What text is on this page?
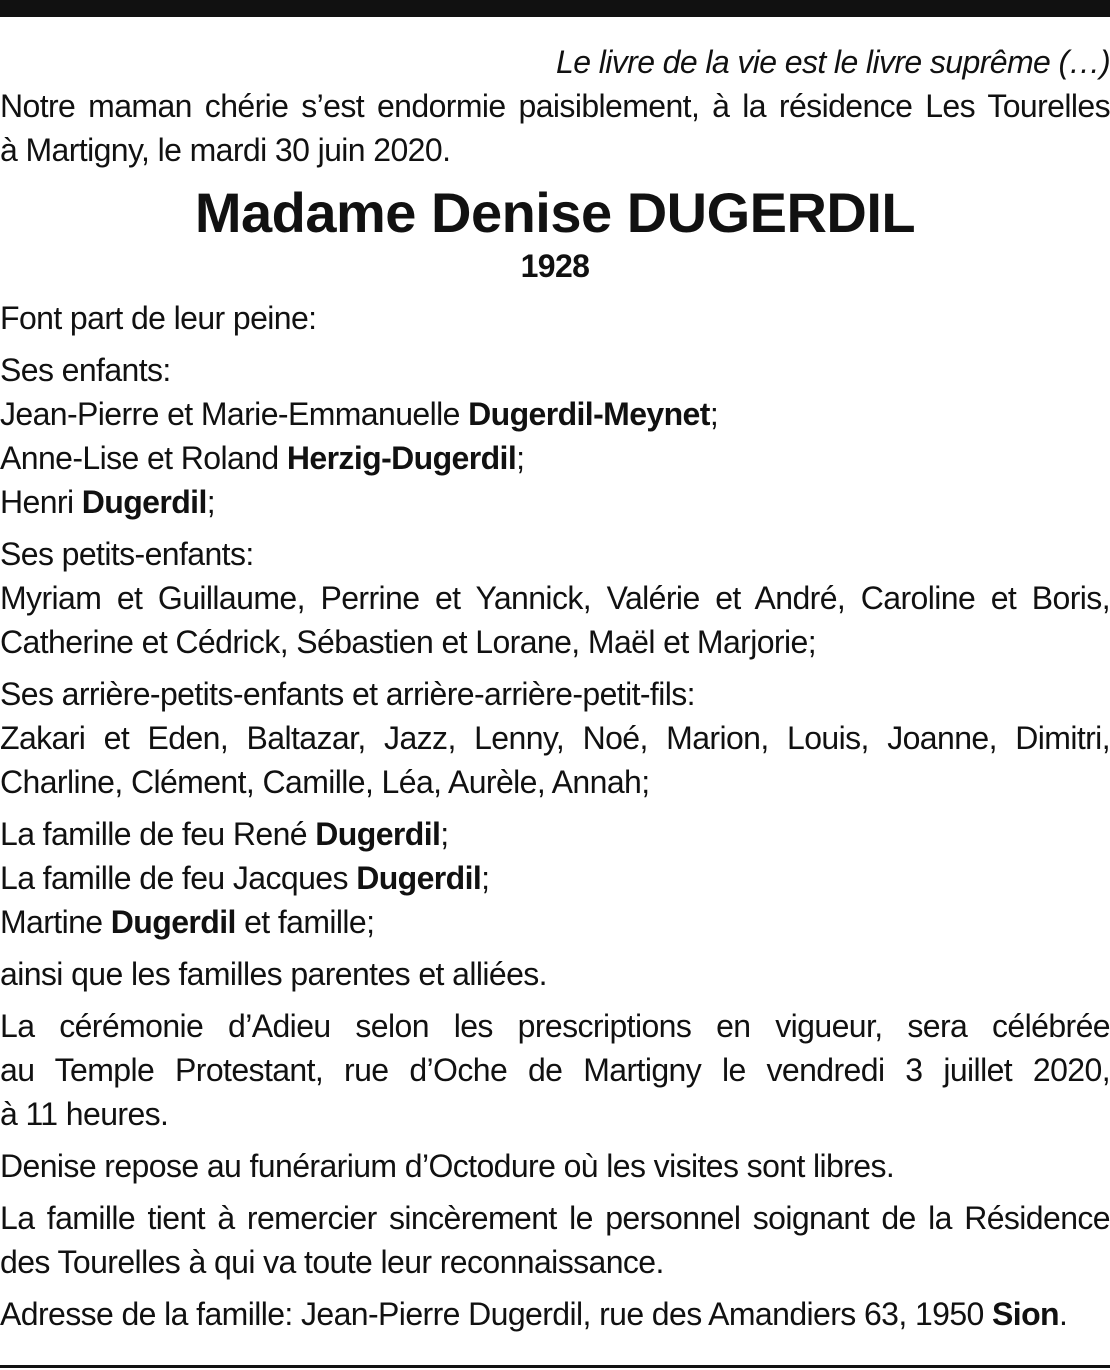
Le livre de la vie est le livre suprême (…)

Notre maman chérie s’est endormie paisiblement, à la résidence Les Tourelles
à Martigny, le mardi 30 juin 2020.

Madame Denise DUGERDIL

1928

Font part de leur peine:

Ses enfants:

Jean-Pierre et Marie-Emmanuelle Dugerdil-Meynet;

Anne-Lise et Roland Herzig-Dugerdil;

Henri Dugerdil;

Ses petits-enfants:

Myriam et Guillaume, Perrine et Yannick, Valérie et André, Caroline et Boris,
Catherine et Cédrick, Sébastien et Lorane, Maël et Marjorie;

Ses arrière-petits-enfants et arrière-arrière-petit-fils:

Zakari et Eden, Baltazar, Jazz, Lenny, Noé, Marion, Louis, Joanne, Dimitri,
Charline, Clément, Camille, Léa, Aurèle, Annah;

La famille de feu René Dugerdil;

La famille de feu Jacques Dugerdil;

Martine Dugerdil et famille;

ainsi que les familles parentes et alliées.

La cérémonie d’Adieu selon les prescriptions en vigueur, sera célébrée
au Temple Protestant, rue d’Oche de Martigny le vendredi 3 juillet 2020,
à 11 heures.

Denise repose au funérarium d’Octodure où les visites sont libres.

La famille tient à remercier sincèrement le personnel soignant de la Résidence
des Tourelles à qui va toute leur reconnaissance.

Adresse de la famille: Jean-Pierre Dugerdil, rue des Amandiers 63, 1950 Sion.
